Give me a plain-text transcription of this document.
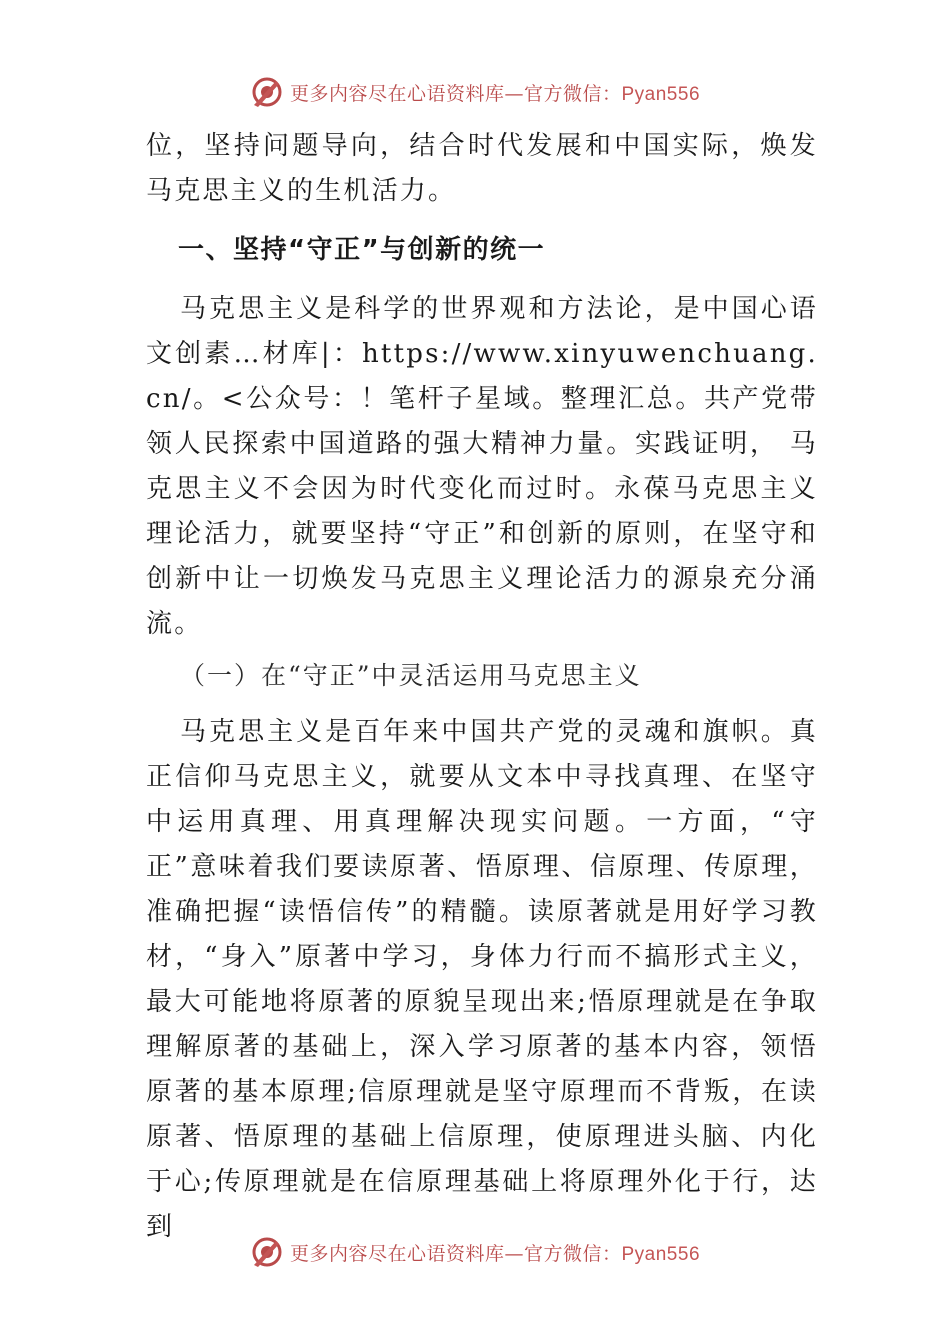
更多内容尽在心语资料库—官方微信：Pyan556

位，坚持问题导向，结合时代发展和中国实际，焕发马克思主义的生机活力。

一、坚持“守正”与创新的统一

马克思主义是科学的世界观和方法论，是中国心语文创素…材库|：https://www.xinyuwenchuang.cn/。<公众号：！笔杆子星域。整理汇总。共产党带领人民探索中国道路的强大精神力量。实践证明， 马克思主义不会因为时代变化而过时。永葆马克思主义理论活力，就要坚持“守正”和创新的原则，在坚守和创新中让一切焕发马克思主义理论活力的源泉充分涌流。

（一）在“守正”中灵活运用马克思主义

马克思主义是百年来中国共产党的灵魂和旗帜。真正信仰马克思主义，就要从文本中寻找真理、在坚守中运用真理、用真理解决现实问题。一方面，“守正”意味着我们要读原著、悟原理、信原理、传原理，准确把握“读悟信传”的精髓。读原著就是用好学习教材，“身入”原著中学习，身体力行而不搞形式主义，最大可能地将原著的原貌呈现出来;悟原理就是在争取理解原著的基础上，深入学习原著的基本内容，领悟原著的基本原理;信原理就是坚守原理而不背叛，在读原著、悟原理的基础上信原理，使原理进头脑、内化于心;传原理就是在信原理基础上将原理外化于行，达到

更多内容尽在心语资料库—官方微信：Pyan556
